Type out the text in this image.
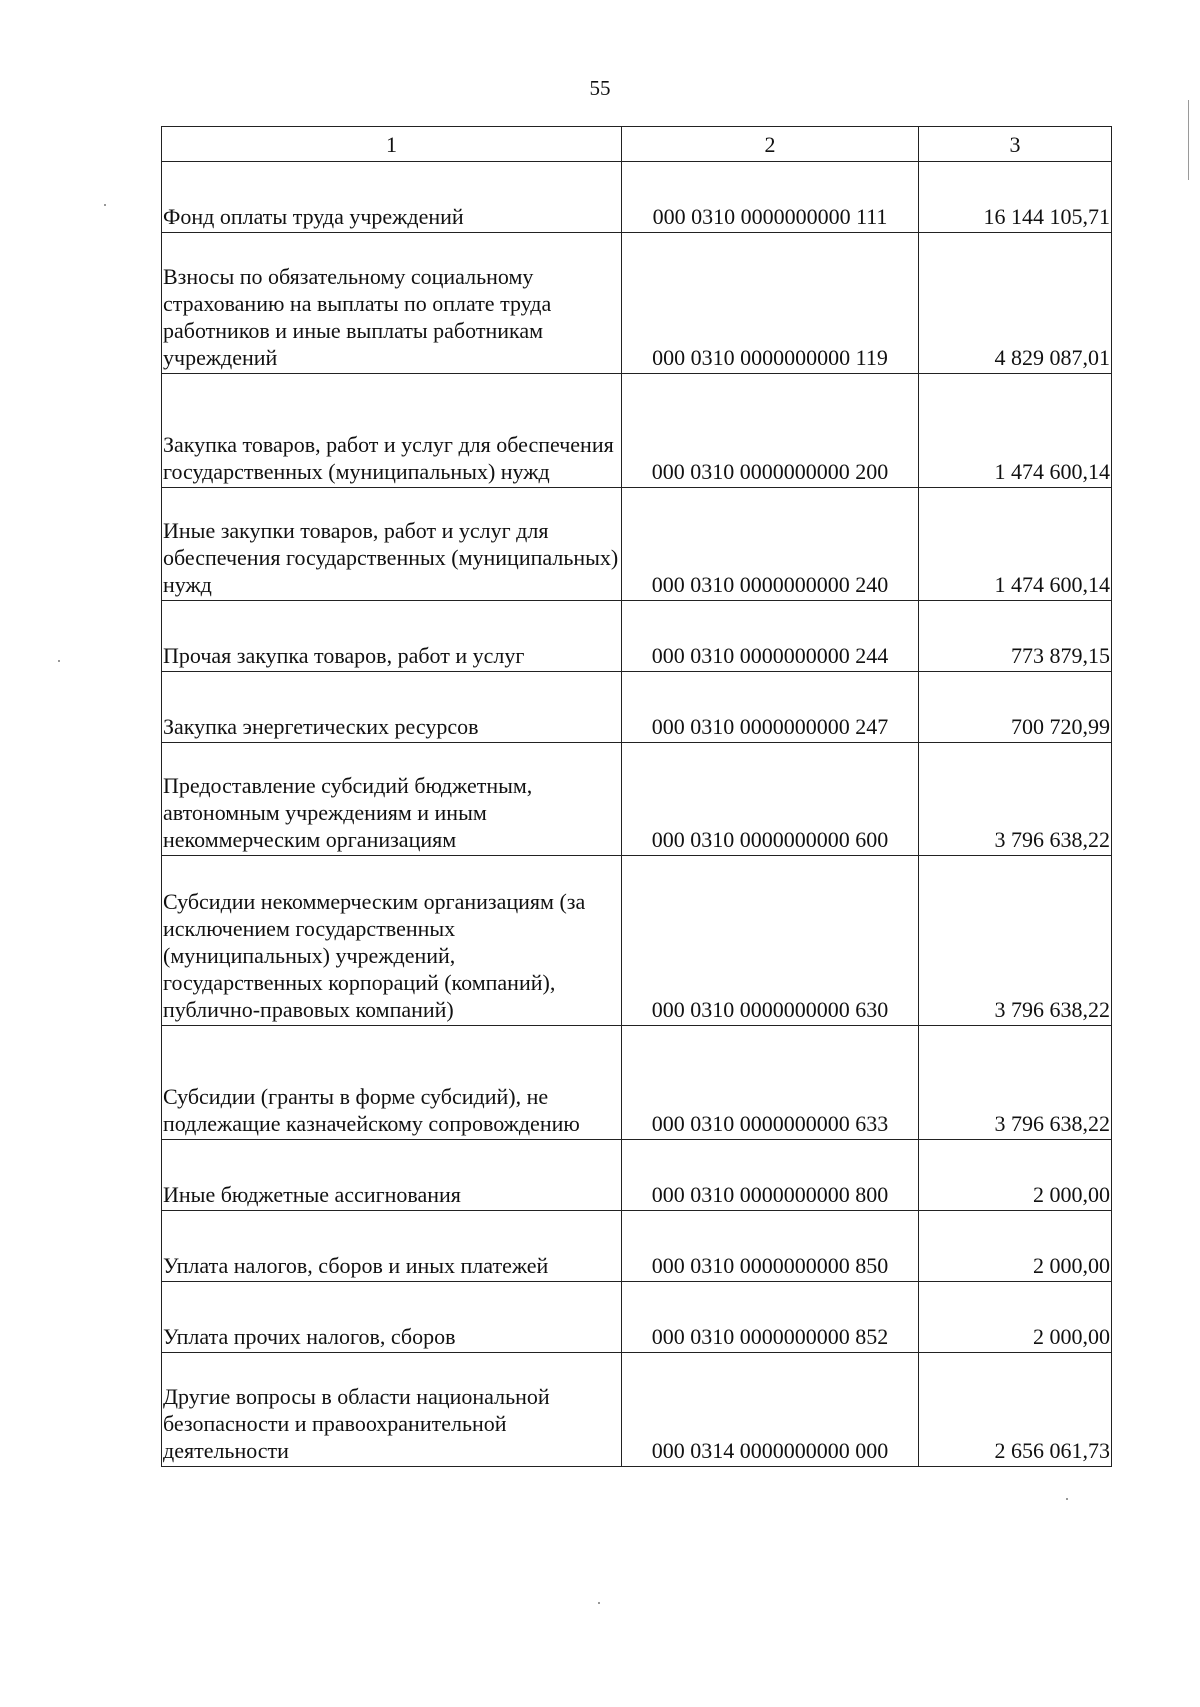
55
1	2	3
Фонд оплаты труда учреждений	000 0310 0000000000 111	16 144 105,71
Взносы по обязательному социальному страхованию на выплаты по оплате труда работников и иные выплаты работникам учреждений	000 0310 0000000000 119	4 829 087,01
Закупка товаров, работ и услуг для обеспечения государственных (муниципальных) нужд	000 0310 0000000000 200	1 474 600,14
Иные закупки товаров, работ и услуг для обеспечения государственных (муниципальных) нужд	000 0310 0000000000 240	1 474 600,14
Прочая закупка товаров, работ и услуг	000 0310 0000000000 244	773 879,15
Закупка энергетических ресурсов	000 0310 0000000000 247	700 720,99
Предоставление субсидий бюджетным, автономным учреждениям и иным некоммерческим организациям	000 0310 0000000000 600	3 796 638,22
Субсидии некоммерческим организациям (за исключением государственных (муниципальных) учреждений, государственных корпораций (компаний), публично-правовых компаний)	000 0310 0000000000 630	3 796 638,22
Субсидии (гранты в форме субсидий), не подлежащие казначейскому сопровождению	000 0310 0000000000 633	3 796 638,22
Иные бюджетные ассигнования	000 0310 0000000000 800	2 000,00
Уплата налогов, сборов и иных платежей	000 0310 0000000000 850	2 000,00
Уплата прочих налогов, сборов	000 0310 0000000000 852	2 000,00
Другие вопросы в области национальной безопасности и правоохранительной деятельности	000 0314 0000000000 000	2 656 061,73
